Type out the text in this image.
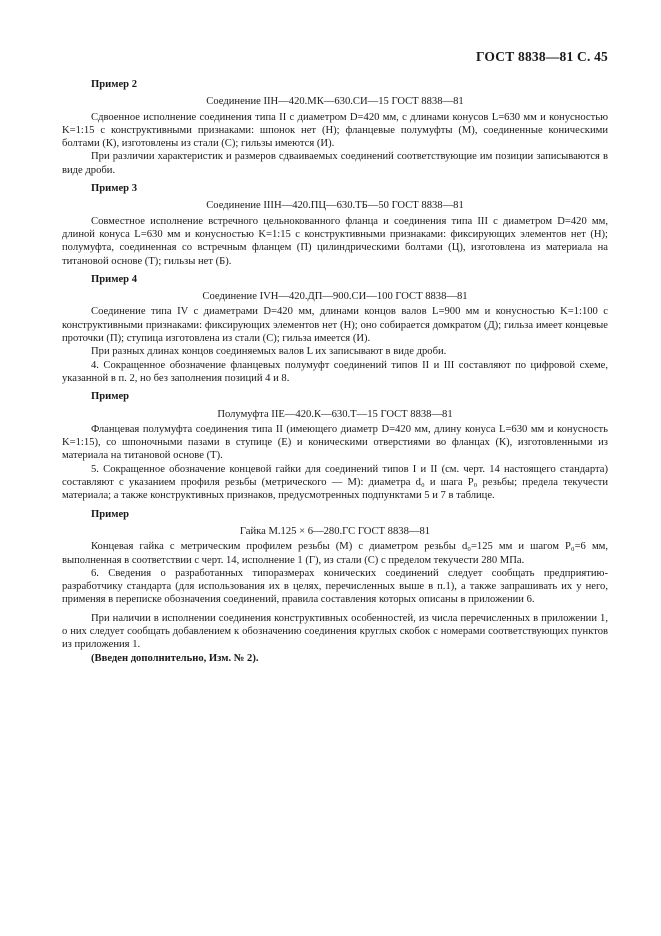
ГОСТ 8838—81 С. 45

Пример 2

Соединение IIН—420.МК—630.СИ—15 ГОСТ 8838—81

Сдвоенное исполнение соединения типа II с диаметром D=420 мм, с длинами конусов L=630 мм и конусностью K=1:15 с конструктивными признаками: шпонок нет (Н); фланцевые полумуфты (М), соединенные коническими болтами (К), изготовлены из стали (С); гильзы имеются (И).

При различии характеристик и размеров сдваиваемых соединений соответствующие им позиции записываются в виде дроби.

Пример 3

Соединение IIIН—420.ПЦ—630.ТБ—50 ГОСТ 8838—81

Совместное исполнение встречного цельнокованного фланца и соединения типа III с диаметром D=420 мм, длиной конуса L=630 мм и конусностью K=1:15 с конструктивными признаками: фиксирующих элементов нет (Н); полумуфта, соединенная со встречным фланцем (П) цилиндрическими болтами (Ц), изготовлена из материала на титановой основе (Т); гильзы нет (Б).

Пример 4

Соединение IVН—420.ДП—900.СИ—100 ГОСТ 8838—81

Соединение типа IV с диаметрами D=420 мм, длинами концов валов L=900 мм и конусностью K=1:100 с конструктивными признаками: фиксирующих элементов нет (Н); оно собирается домкратом (Д); гильза имеет концевые проточки (П); ступица изготовлена из стали (С); гильза имеется (И).

При разных длинах концов соединяемых валов L их записывают в виде дроби.

4. Сокращенное обозначение фланцевых полумуфт соединений типов II и III составляют по цифровой схеме, указанной в п. 2, но без заполнения позиций 4 и 8.

Пример

Полумуфта IIЕ—420.К—630.Т—15 ГОСТ 8838—81

Фланцевая полумуфта соединения типа II (имеющего диаметр D=420 мм, длину конуса L=630 мм и конусность K=1:15), со шпоночными пазами в ступице (Е) и коническими отверстиями во фланцах (К), изготовленными из материала на титановой основе (Т).

5. Сокращенное обозначение концевой гайки для соединений типов I и II (см. черт. 14 настоящего стандарта) составляют с указанием профиля резьбы (метрического — М): диаметра d₀ и шага P₀ резьбы; предела текучести материала; а также конструктивных признаков, предусмотренных подпунктами 5 и 7 в таблице.

Пример

Гайка М.125 × 6—280.ГС ГОСТ 8838—81

Концевая гайка с метрическим профилем резьбы (М) с диаметром резьбы d₀=125 мм и шагом P₀=6 мм, выполненная в соответствии с черт. 14, исполнение 1 (Г), из стали (С) с пределом текучести 280 МПа.

6. Сведения о разработанных типоразмерах конических соединений следует сообщать предприятию-разработчику стандарта (для использования их в целях, перечисленных выше в п.1), а также запрашивать их у него, применяя в переписке обозначения соединений, правила составления которых описаны в приложении 6.

При наличии в исполнении соединения конструктивных особенностей, из числа перечисленных в приложении 1, о них следует сообщать добавлением к обозначению соединения круглых скобок с номерами соответствующих пунктов из приложения 1.

(Введен дополнительно, Изм. № 2).
